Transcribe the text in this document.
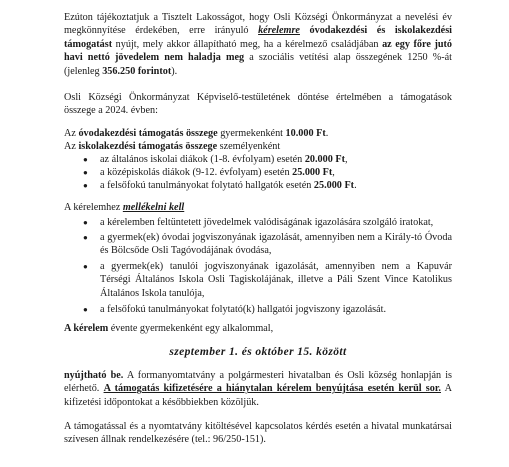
Ezúton tájékoztatjuk a Tisztelt Lakosságot, hogy Osli Községi Önkormányzat a nevelési év megkönnyítése érdekében, erre irányuló kérelemre óvodakezdési és iskolakezdési támogatást nyújt, mely akkor állapítható meg, ha a kérelmező családjában az egy főre jutó havi nettó jövedelem nem haladja meg a szociális vetítési alap összegének 1250 %-át (jelenleg 356.250 forintot).

Osli Községi Önkormányzat Képviselő-testületének döntése értelmében a támogatások összege a 2024. évben:

Az óvodakezdési támogatás összege gyermekenként 10.000 Ft.

Az iskolakezdési támogatás összege személyenként

● az általános iskolai diákok (1-8. évfolyam) esetén 20.000 Ft,

● a középiskolás diákok (9-12. évfolyam) esetén 25.000 Ft,

● a felsőfokú tanulmányokat folytató hallgatók esetén 25.000 Ft.

A kérelemhez mellékelni kell

● a kérelemben feltüntetett jövedelmek valódiságának igazolására szolgáló iratokat,

● a gyermek(ek) óvodai jogviszonyának igazolását, amennyiben nem a Király-tó Óvoda és Bölcsőde Osli Tagóvodájának óvodása,

● a gyermek(ek) tanulói jogviszonyának igazolását, amennyiben nem a Kapuvár Térségi Általános Iskola Osli Tagiskolájának, illetve a Páli Szent Vince Katolikus Általános Iskola tanulója,

● a felsőfokú tanulmányokat folytató(k) hallgatói jogviszony igazolását.

A kérelem évente gyermekenként egy alkalommal,

szeptember 1. és október 15. között

nyújtható be. A formanyomtatvány a polgármesteri hivatalban és Osli község honlapján is elérhető. A támogatás kifizetésére a hiánytalan kérelem benyújtása esetén kerül sor. A kifizetési időpontokat a későbbiekben közöljük.

A támogatással és a nyomtatvány kitöltésével kapcsolatos kérdés esetén a hivatal munkatársai szívesen állnak rendelkezésére (tel.: 96/250-151).
